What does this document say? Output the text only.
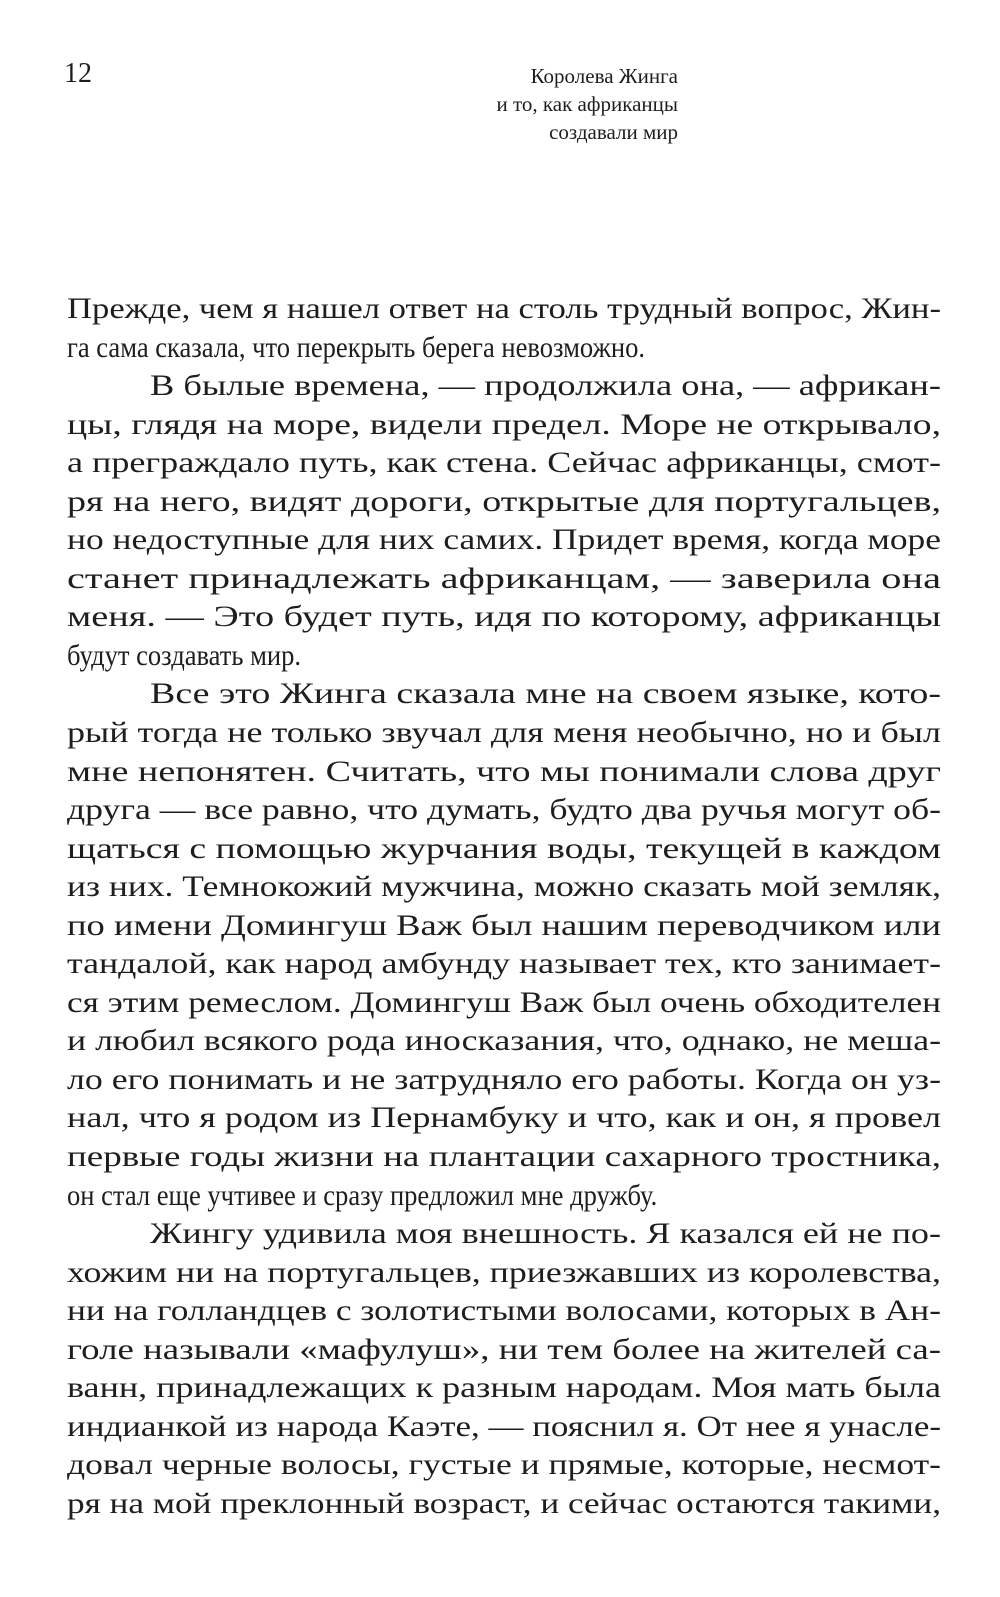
12	Королева Жинга
и то, как африканцы
создавали мир
Прежде, чем я нашел ответ на столь трудный вопрос, Жин-
га сама сказала, что перекрыть берега невозможно.
В былые времена, — продолжила она, — африкан-
цы, глядя на море, видели предел. Море не открывало,
а преграждало путь, как стена. Сейчас африканцы, смот-
ря на него, видят дороги, открытые для португальцев,
но недоступные для них самих. Придет время, когда море
станет принадлежать африканцам, — заверила она
меня. — Это будет путь, идя по которому, африканцы
будут создавать мир.
Все это Жинга сказала мне на своем языке, кото-
рый тогда не только звучал для меня необычно, но и был
мне непонятен. Считать, что мы понимали слова друг
друга — все равно, что думать, будто два ручья могут об-
щаться с помощью журчания воды, текущей в каждом
из них. Темнокожий мужчина, можно сказать мой земляк,
по имени Домингуш Важ был нашим переводчиком или
тандалой, как народ амбунду называет тех, кто занимает-
ся этим ремеслом. Домингуш Важ был очень обходителен
и любил всякого рода иносказания, что, однако, не меша-
ло его понимать и не затрудняло его работы. Когда он уз-
нал, что я родом из Пернамбуку и что, как и он, я провел
первые годы жизни на плантации сахарного тростника,
он стал еще учтивее и сразу предложил мне дружбу.
Жингу удивила моя внешность. Я казался ей не по-
хожим ни на португальцев, приезжавших из королевства,
ни на голландцев с золотистыми волосами, которых в Ан-
голе называли «мафулуш», ни тем более на жителей са-
ванн, принадлежащих к разным народам. Моя мать была
индианкой из народа Каэте, — пояснил я. От нее я унасле-
довал черные волосы, густые и прямые, которые, несмот-
ря на мой преклонный возраст, и сейчас остаются такими,
